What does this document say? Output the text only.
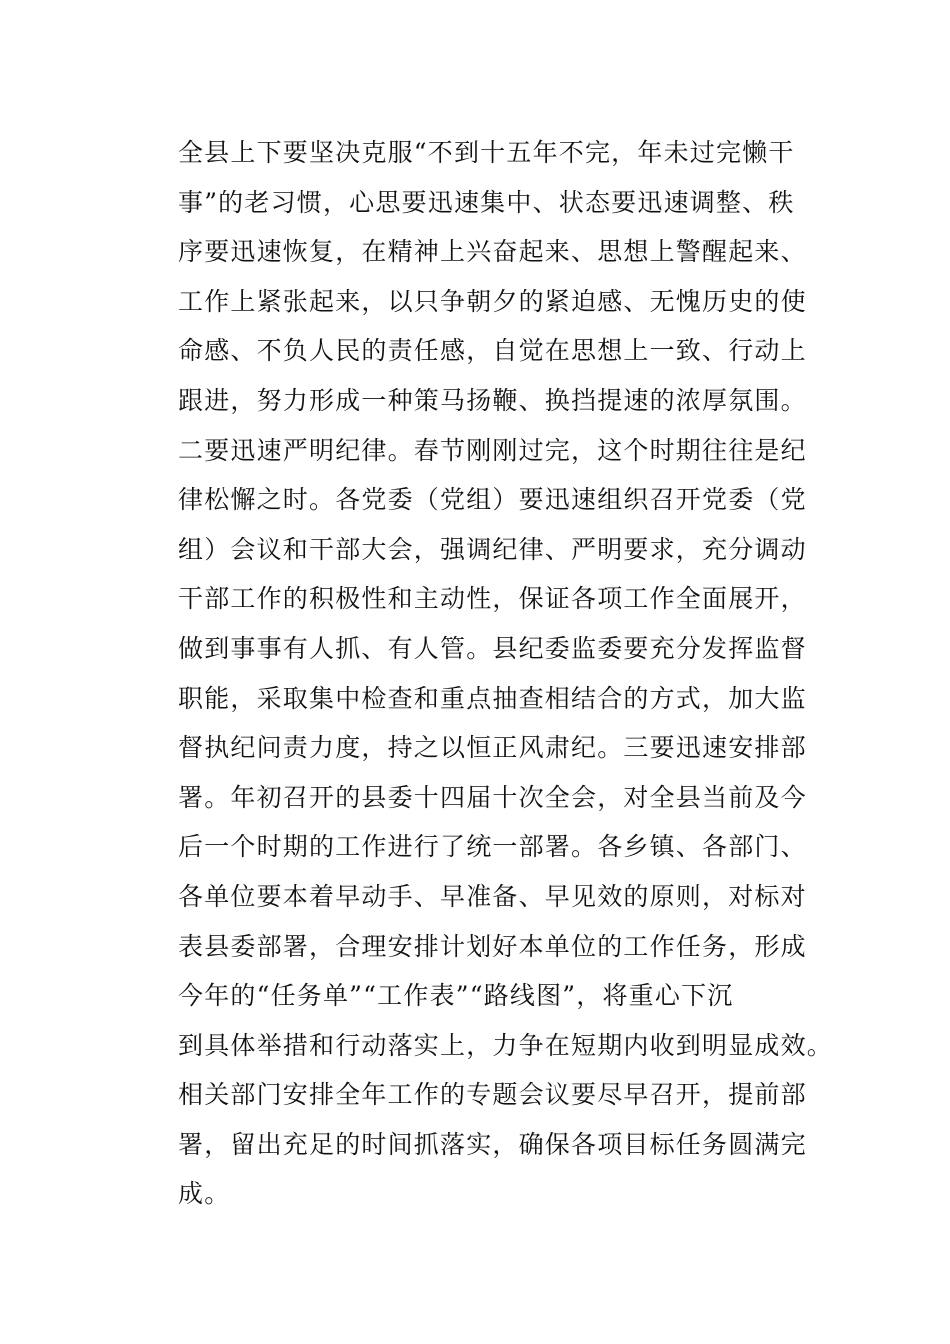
全县上下要坚决克服“不到十五年不完，年未过完懒干
事”的老习惯，心思要迅速集中、状态要迅速调整、秩
序要迅速恢复，在精神上兴奋起来、思想上警醒起来、
工作上紧张起来，以只争朝夕的紧迫感、无愧历史的使
命感、不负人民的责任感，自觉在思想上一致、行动上
跟进，努力形成一种策马扬鞭、换挡提速的浓厚氛围。
二要迅速严明纪律。春节刚刚过完，这个时期往往是纪
律松懈之时。各党委（党组）要迅速组织召开党委（党
组）会议和干部大会，强调纪律、严明要求，充分调动
干部工作的积极性和主动性，保证各项工作全面展开，
做到事事有人抓、有人管。县纪委监委要充分发挥监督
职能，采取集中检查和重点抽查相结合的方式，加大监
督执纪问责力度，持之以恒正风肃纪。三要迅速安排部
署。年初召开的县委十四届十次全会，对全县当前及今
后一个时期的工作进行了统一部署。各乡镇、各部门、
各单位要本着早动手、早准备、早见效的原则，对标对
表县委部署，合理安排计划好本单位的工作任务，形成
今年的“任务单”“工作表”“路线图”，将重心下沉
到具体举措和行动落实上，力争在短期内收到明显成效。
相关部门安排全年工作的专题会议要尽早召开，提前部
署，留出充足的时间抓落实，确保各项目标任务圆满完
成。
